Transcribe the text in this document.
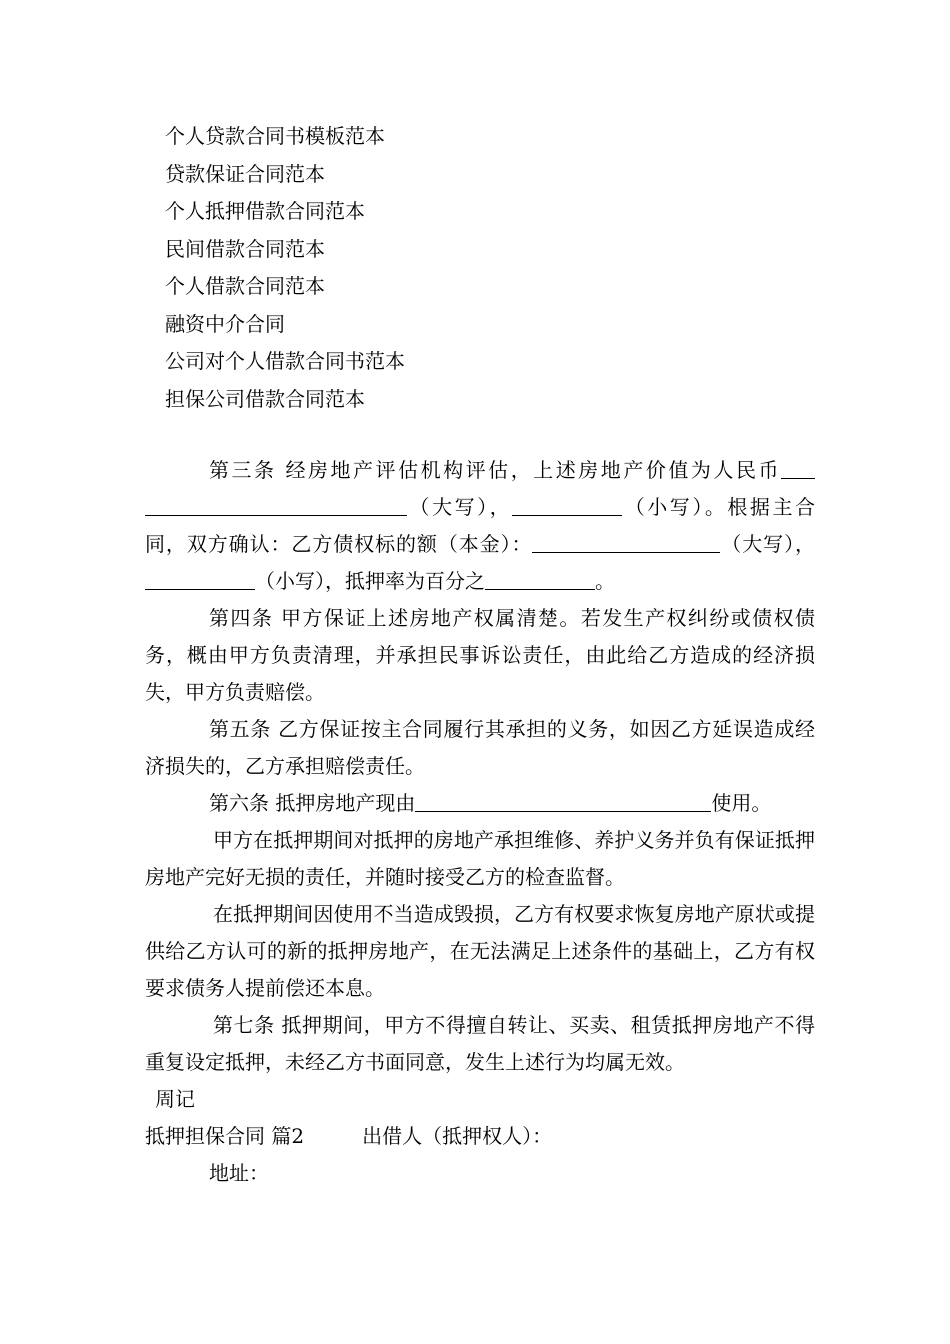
个人贷款合同书模板范本
贷款保证合同范本
个人抵押借款合同范本
民间借款合同范本
个人借款合同范本
融资中介合同
公司对个人借款合同书范本
担保公司借款合同范本

第三条 经房地产评估机构评估，上述房地产价值为人民币（大写），	（小写）。根据主合同，双方确认：乙方债权标的额（本金）：	（大写），（小写），抵押率为百分之	。

第四条 甲方保证上述房地产权属清楚。若发生产权纠纷或债权债务，概由甲方负责清理，并承担民事诉讼责任，由此给乙方造成的经济损失，甲方负责赔偿。

第五条 乙方保证按主合同履行其承担的义务，如因乙方延误造成经济损失的，乙方承担赔偿责任。

第六条 抵押房地产现由	使用。

甲方在抵押期间对抵押的房地产承担维修、养护义务并负有保证抵押房地产完好无损的责任，并随时接受乙方的检查监督。

在抵押期间因使用不当造成毁损，乙方有权要求恢复房地产原状或提供给乙方认可的新的抵押房地产，在无法满足上述条件的基础上，乙方有权要求债务人提前偿还本息。

第七条 抵押期间，甲方不得擅自转让、买卖、租赁抵押房地产不得重复设定抵押，未经乙方书面同意，发生上述行为均属无效。

周记

抵押担保合同 篇2	出借人（抵押权人）：

地址：
